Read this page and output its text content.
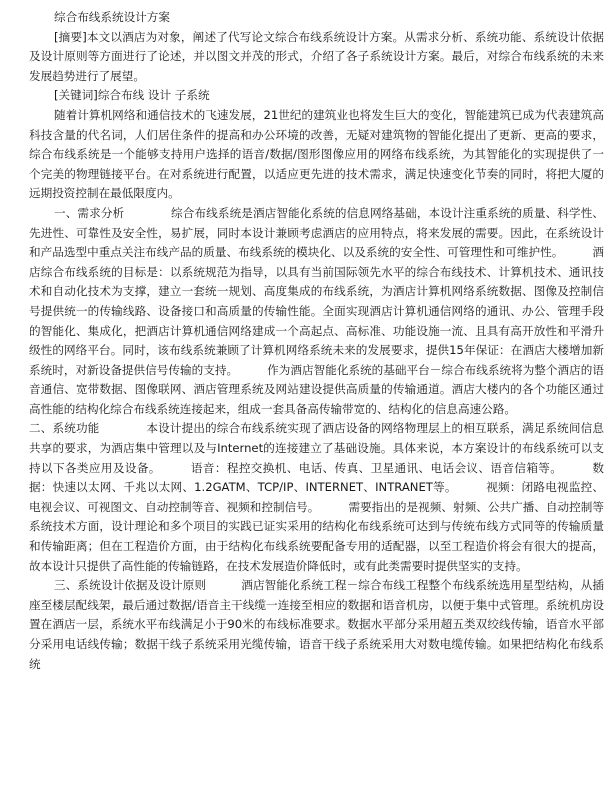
综合布线系统设计方案

[摘要]本文以酒店为对象，阐述了代写论文综合布线系统设计方案。从需求分析、系统功能、系统设计依据及设计原则等方面进行了论述，并以图文并茂的形式，介绍了各子系统设计方案。最后，对综合布线系统的未来发展趋势进行了展望。

[关键词]综合布线 设计 子系统

随着计算机网络和通信技术的飞速发展，21世纪的建筑业也将发生巨大的变化，智能建筑已成为代表建筑高科技含量的代名词，人们居住条件的提高和办公环境的改善，无疑对建筑物的智能化提出了更新、更高的要求，综合布线系统是一个能够支持用户选择的语音/数据/图形图像应用的网络布线系统，为其智能化的实现提供了一个完美的物理链接平台。在对系统进行配置，以适应更先进的技术需求，满足快速变化节奏的同时，将把大厦的远期投资控制在最低限度内。

一、需求分析　　　　综合布线系统是酒店智能化系统的信息网络基础，本设计注重系统的质量、科学性、先进性、可靠性及安全性，易扩展，同时本设计兼顾考虑酒店的应用特点，将来发展的需要。因此，在系统设计和产品选型中重点关注布线产品的质量、布线系统的模块化、以及系统的安全性、可管理性和可维护性。　　　酒店综合布线系统的目标是：以系统规范为指导，以具有当前国际领先水平的综合布线技术、计算机技术、通讯技术和自动化技术为支撑，建立一套统一规划、高度集成的布线系统，为酒店计算机网络系统数据、图像及控制信号提供统一的传输线路、设备接口和高质量的传输性能。全面实现酒店计算机通信网络的通讯、办公、管理手段的智能化、集成化，把酒店计算机通信网络建成一个高起点、高标准、功能设施一流、且具有高开放性和平滑升级性的网络平台。同时，该布线系统兼顾了计算机网络系统未来的发展要求，提供15年保证：在酒店大楼增加新系统时，对新设备提供信号传输的支持。　　　作为酒店智能化系统的基础平台－综合布线系统将为整个酒店的语音通信、宽带数据、图像联网、酒店管理系统及网站建设提供高质量的传输通道。酒店大楼内的各个功能区通过高性能的结构化综合布线系统连接起来，组成一套具备高传输带宽的、结构化的信息高速公路。

二、系统功能　　　　本设计提出的综合布线系统实现了酒店设备的网络物理层上的相互联系，满足系统间信息共享的要求，为酒店集中管理以及与Internet的连接建立了基础设施。具体来说，本方案设计的布线系统可以支持以下各类应用及设备。　　　语音：程控交换机、电话、传真、卫星通讯、电话会议、语音信箱等。　　　数据：快速以太网、千兆以太网、1.2GATM、TCP/IP、INTERNET、INTRANET等。　　　视频：闭路电视监控、电视会议、可视图文、自动控制等音、视频和控制信号。　　　需要指出的是视频、射频、公共广播、自动控制等系统技术方面，设计理论和多个项目的实践已证实采用的结构化布线系统可达到与传统布线方式同等的传输质量和传输距离；但在工程造价方面，由于结构化布线系统要配备专用的适配器，以至工程造价将会有很大的提高，故本设计只提供了高性能的传输链路，在技术发展造价降低时，或有此类需要时提供坚实的支持。

三、系统设计依据及设计原则　　　酒店智能化系统工程－综合布线工程整个布线系统选用星型结构，从插座至楼层配线架，最后通过数据/语音主干线缆一连接至相应的数据和语音机房，以便于集中式管理。系统机房设置在酒店一层，系统水平布线满足小于90米的布线标准要求。数据水平部分采用超五类双绞线传输，语音水平部分采用电话线传输；数据干线子系统采用光缆传输，语音干线子系统采用大对数电缆传输。如果把结构化布线系统
